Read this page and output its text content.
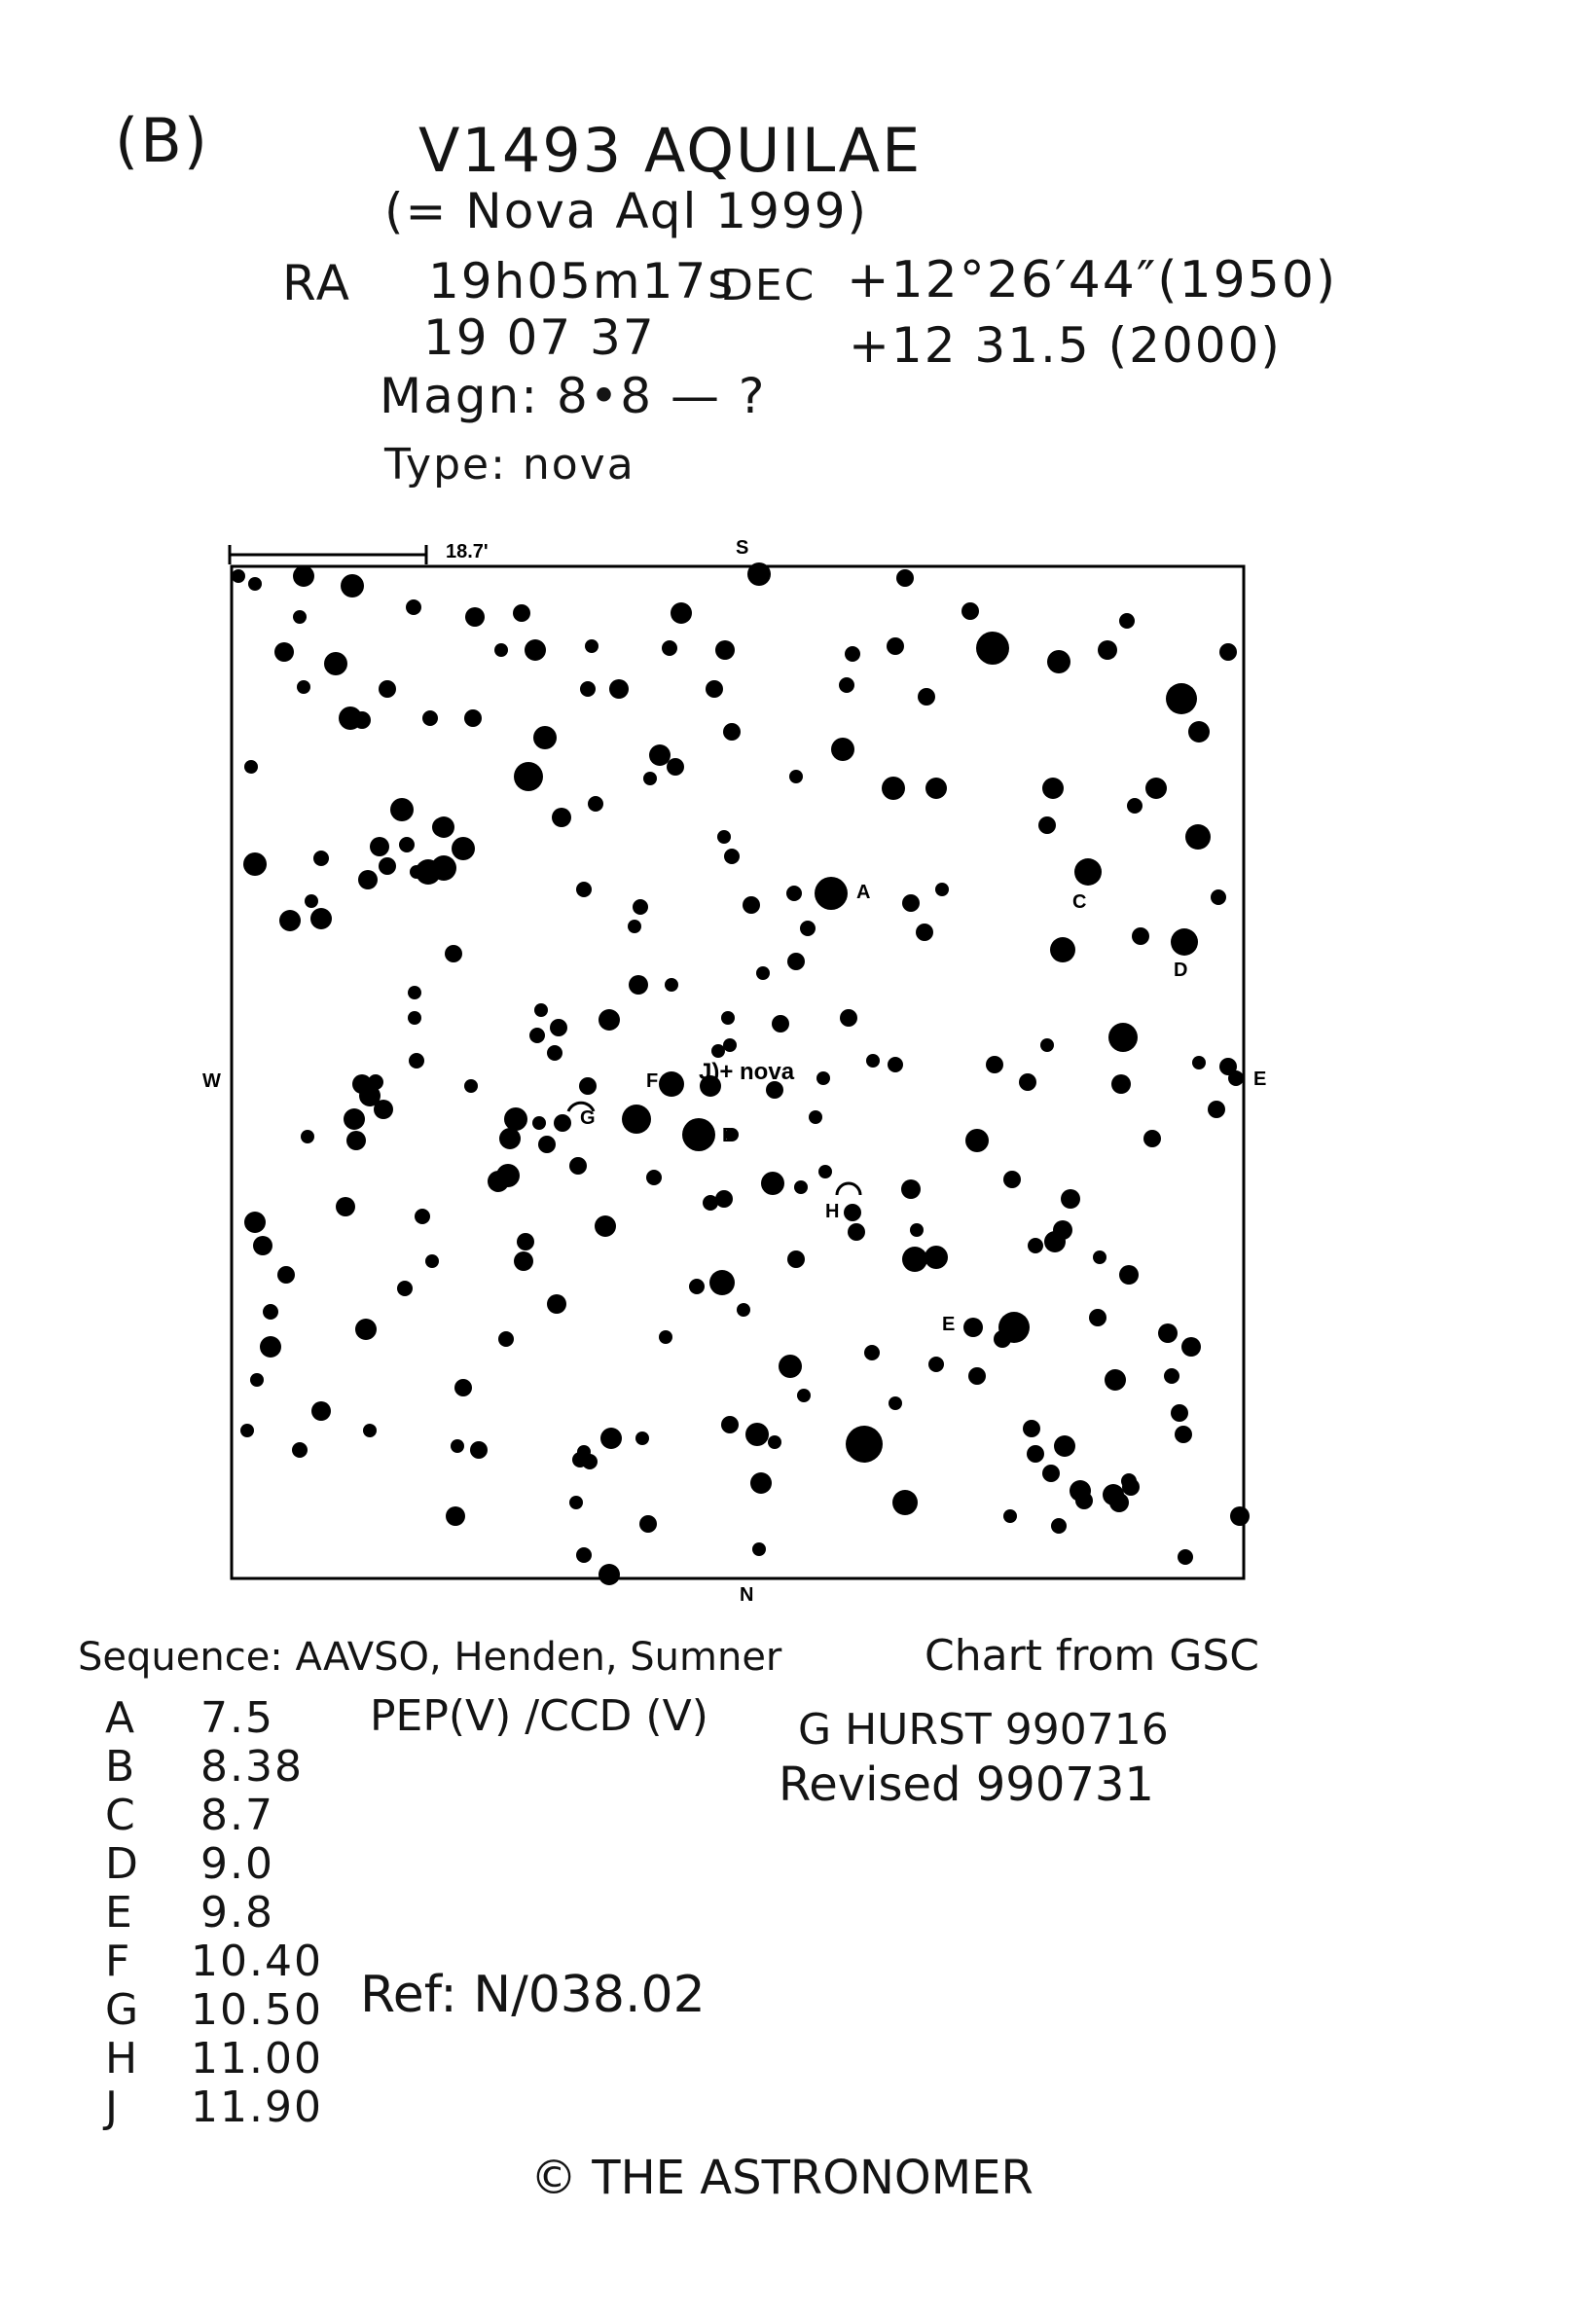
(B)	V1493 AQUILAE
(= Nova Aql 1999)
RA 19h05m17s
DEC +12°26′44″(1950)
19 07 37	+12 31.5 (2000)
Magn: 8•8 — ?
Type: nova
18.7'	S
N
W	E
J)+ nova
A
B
C
D
E
F
G
H
Sequence: AAVSO, Henden, Sumner
PEP(V) /CCD (V)
A 7.5
B 8.38
C 8.7
D 9.0
E 9.8
F 10.40
G 10.50
H 11.00
J 11.90
Chart from GSC
G HURST 990716
Revised 990731
Ref: N/038.02
© THE ASTRONOMER
